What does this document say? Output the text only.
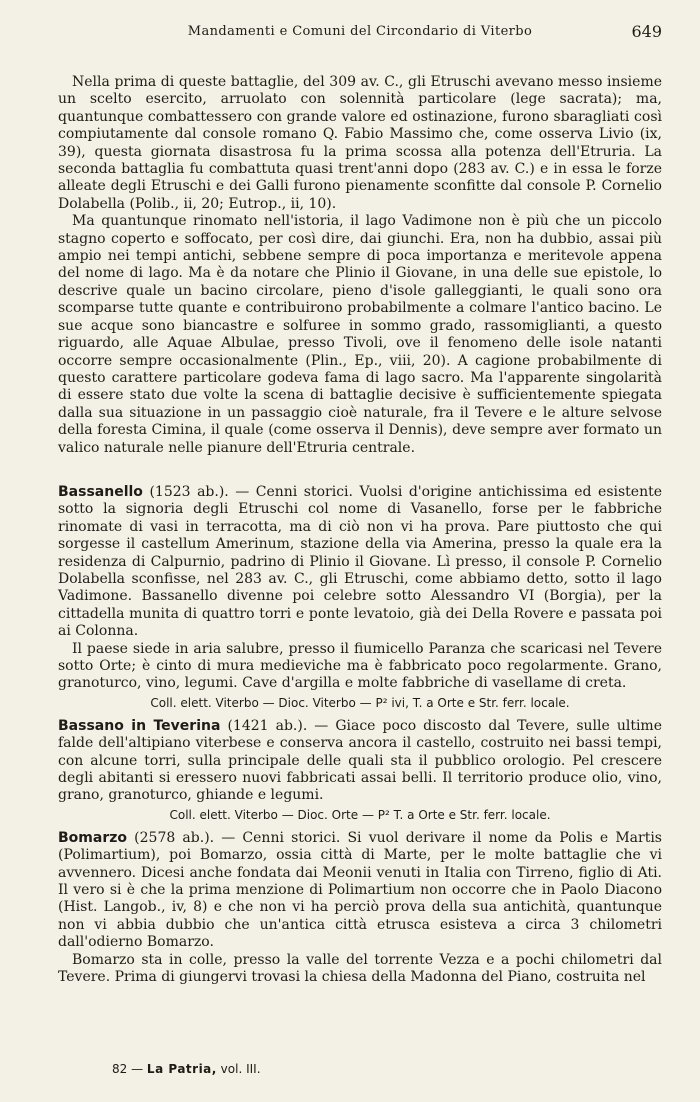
Mandamenti e Comuni del Circondario di Viterbo	649

Nella prima di queste battaglie, del 309 av. C., gli Etruschi avevano messo insieme un scelto esercito, arruolato con solennità particolare (lege sacrata); ma, quantunque combattessero con grande valore ed ostinazione, furono sbaragliati così compiutamente dal console romano Q. Fabio Massimo che, come osserva Livio (ix, 39), questa giornata disastrosa fu la prima scossa alla potenza dell'Etruria. La seconda battaglia fu combattuta quasi trent'anni dopo (283 av. C.) e in essa le forze alleate degli Etruschi e dei Galli furono pienamente sconfitte dal console P. Cornelio Dolabella (Polib., ii, 20; Eutrop., ii, 10).

Ma quantunque rinomato nell'istoria, il lago Vadimone non è più che un piccolo stagno coperto e soffocato, per così dire, dai giunchi. Era, non ha dubbio, assai più ampio nei tempi antichi, sebbene sempre di poca importanza e meritevole appena del nome di lago. Ma è da notare che Plinio il Giovane, in una delle sue epistole, lo descrive quale un bacino circolare, pieno d'isole galleggianti, le quali sono ora scomparse tutte quante e contribuirono probabilmente a colmare l'antico bacino. Le sue acque sono biancastre e solfuree in sommo grado, rassomiglianti, a questo riguardo, alle Aquae Albulae, presso Tivoli, ove il fenomeno delle isole natanti occorre sempre occasionalmente (Plin., Ep., viii, 20). A cagione probabilmente di questo carattere particolare godeva fama di lago sacro. Ma l'apparente singolarità di essere stato due volte la scena di battaglie decisive è sufficientemente spiegata dalla sua situazione in un passaggio cioè naturale, fra il Tevere e le alture selvose della foresta Cimina, il quale (come osserva il Dennis), deve sempre aver formato un valico naturale nelle pianure dell'Etruria centrale.

Bassanello (1523 ab.). — Cenni storici. Vuolsi d'origine antichissima ed esistente sotto la signoria degli Etruschi col nome di Vasanello, forse per le fabbriche rinomate di vasi in terracotta, ma di ciò non vi ha prova. Pare piuttosto che qui sorgesse il castellum Amerinum, stazione della via Amerina, presso la quale era la residenza di Calpurnio, padrino di Plinio il Giovane. Lì presso, il console P. Cornelio Dolabella sconfisse, nel 283 av. C., gli Etruschi, come abbiamo detto, sotto il lago Vadimone. Bassanello divenne poi celebre sotto Alessandro VI (Borgia), per la cittadella munita di quattro torri e ponte levatoio, già dei Della Rovere e passata poi ai Colonna.

Il paese siede in aria salubre, presso il fiumicello Paranza che scaricasi nel Tevere sotto Orte; è cinto di mura medieviche ma è fabbricato poco regolarmente. Grano, granoturco, vino, legumi. Cave d'argilla e molte fabbriche di vasellame di creta.

Coll. elett. Viterbo — Dioc. Viterbo — P² ivi, T. a Orte e Str. ferr. locale.

Bassano in Teverina (1421 ab.). — Giace poco discosto dal Tevere, sulle ultime falde dell'altipiano viterbese e conserva ancora il castello, costruito nei bassi tempi, con alcune torri, sulla principale delle quali sta il pubblico orologio. Pel crescere degli abitanti si eressero nuovi fabbricati assai belli. Il territorio produce olio, vino, grano, granoturco, ghiande e legumi.

Coll. elett. Viterbo — Dioc. Orte — P² T. a Orte e Str. ferr. locale.

Bomarzo (2578 ab.). — Cenni storici. Si vuol derivare il nome da Polis e Martis (Polimartium), poi Bomarzo, ossia città di Marte, per le molte battaglie che vi avvennero. Dicesi anche fondata dai Meonii venuti in Italia con Tirreno, figlio di Ati. Il vero si è che la prima menzione di Polimartium non occorre che in Paolo Diacono (Hist. Langob., iv, 8) e che non vi ha perciò prova della sua antichità, quantunque non vi abbia dubbio che un'antica città etrusca esisteva a circa 3 chilometri dall'odierno Bomarzo.

Bomarzo sta in colle, presso la valle del torrente Vezza e a pochi chilometri dal Tevere. Prima di giungervi trovasi la chiesa della Madonna del Piano, costruita nel

82 — La Patria, vol. III.
